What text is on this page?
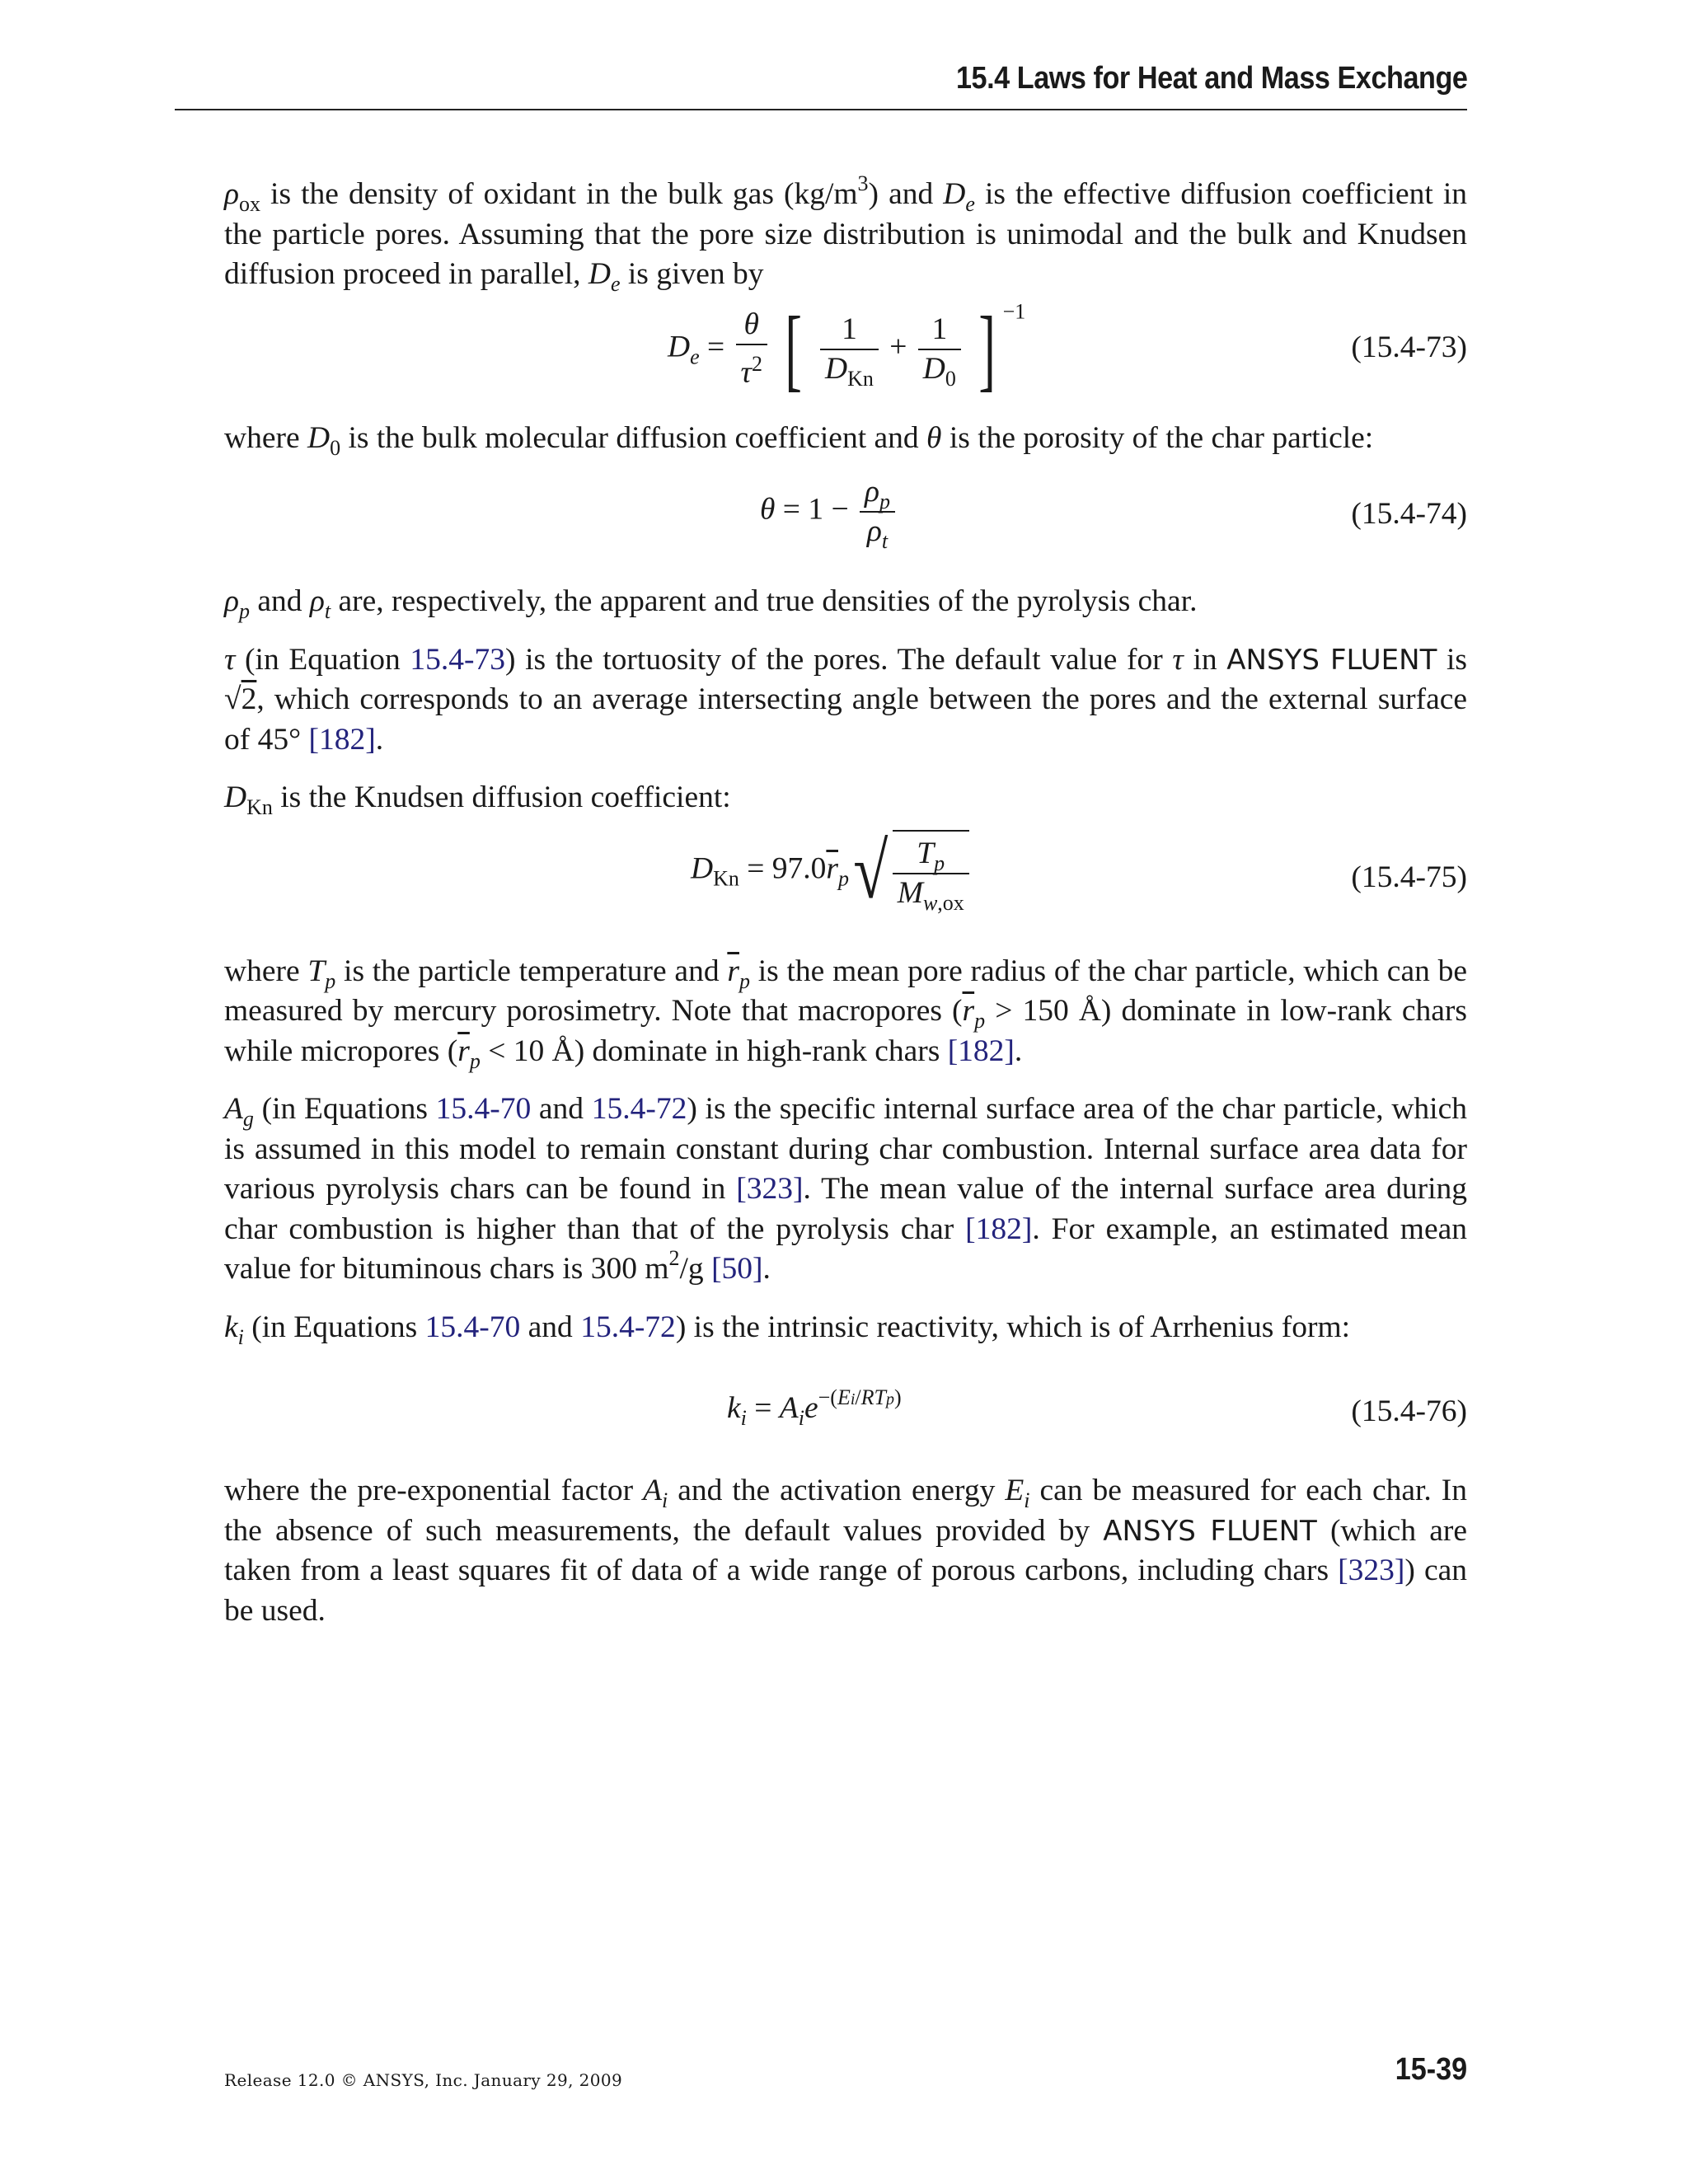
15.4 Laws for Heat and Mass Exchange

$\rho_{ox}$ is the density of oxidant in the bulk gas $(kg/m^3)$ and $D_e$ is the effective diffusion coefficient in the particle pores. Assuming that the pore size distribution is unimodal and the bulk and Knudsen diffusion proceed in parallel, $D_e$ is given by

$D_e = \frac{\theta}{\tau^2}$ [ $\frac{1}{D_{Kn}} + \frac{1}{D_0}$ ] $^{-1}$
(15.4-73)

where $D_0$ is the bulk molecular diffusion coefficient and θ is the porosity of the char particle:

$\theta = 1 - \frac{\rho_p}{\rho_t}$	(15.4-74)

$\rho_p$ and $\rho_t$ are, respectively, the apparent and true densities of the pyrolysis char.

τ (in Equation 15.4-73) is the tortuosity of the pores. The default value for τ in ANSYS FLUENT is √2, which corresponds to an average intersecting angle between the pores and the external surface of 45° [182].

$D_{Kn}$ is the Knudsen diffusion coefficient:

$D_{Kn} = 97.0\overline{r}_p√ \frac{T_p}{M_{w,ox}}$	(15.4-75)

where $T_p$ is the particle temperature and $\overline{r}_p$ is the mean pore radius of the char particle, which can be measured by mercury porosimetry. Note that macropores ($\overline{r}_p > 150$ Å) dominate in low-rank chars while micropores ($\overline{r}_p < 10$ Å) dominate in high-rank chars [182].

$A_g$ (in Equations 15.4-70 and 15.4-72) is the specific internal surface area of the char particle, which is assumed in this model to remain constant during char combustion. Internal surface area data for various pyrolysis chars can be found in [323]. The mean value of the internal surface area during char combustion is higher than that of the pyrolysis char [182]. For example, an estimated mean value for bituminous chars is 300 $m^2/g$ [50].

$k_i$ (in Equations 15.4-70 and 15.4-72) is the intrinsic reactivity, which is of Arrhenius form:

$k_i = A_ie^{-(Ei/RTp)}$	(15.4-76)

where the pre-exponential factor $A_i$ and the activation energy $E_i$ can be measured for each char. In the absence of such measurements, the default values provided by ANSYS FLUENT (which are taken from a least squares fit of data of a wide range of porous carbons, including chars [323]) can be used.

Release 12.0 © ANSYS, Inc. January 29, 2009	15-39
